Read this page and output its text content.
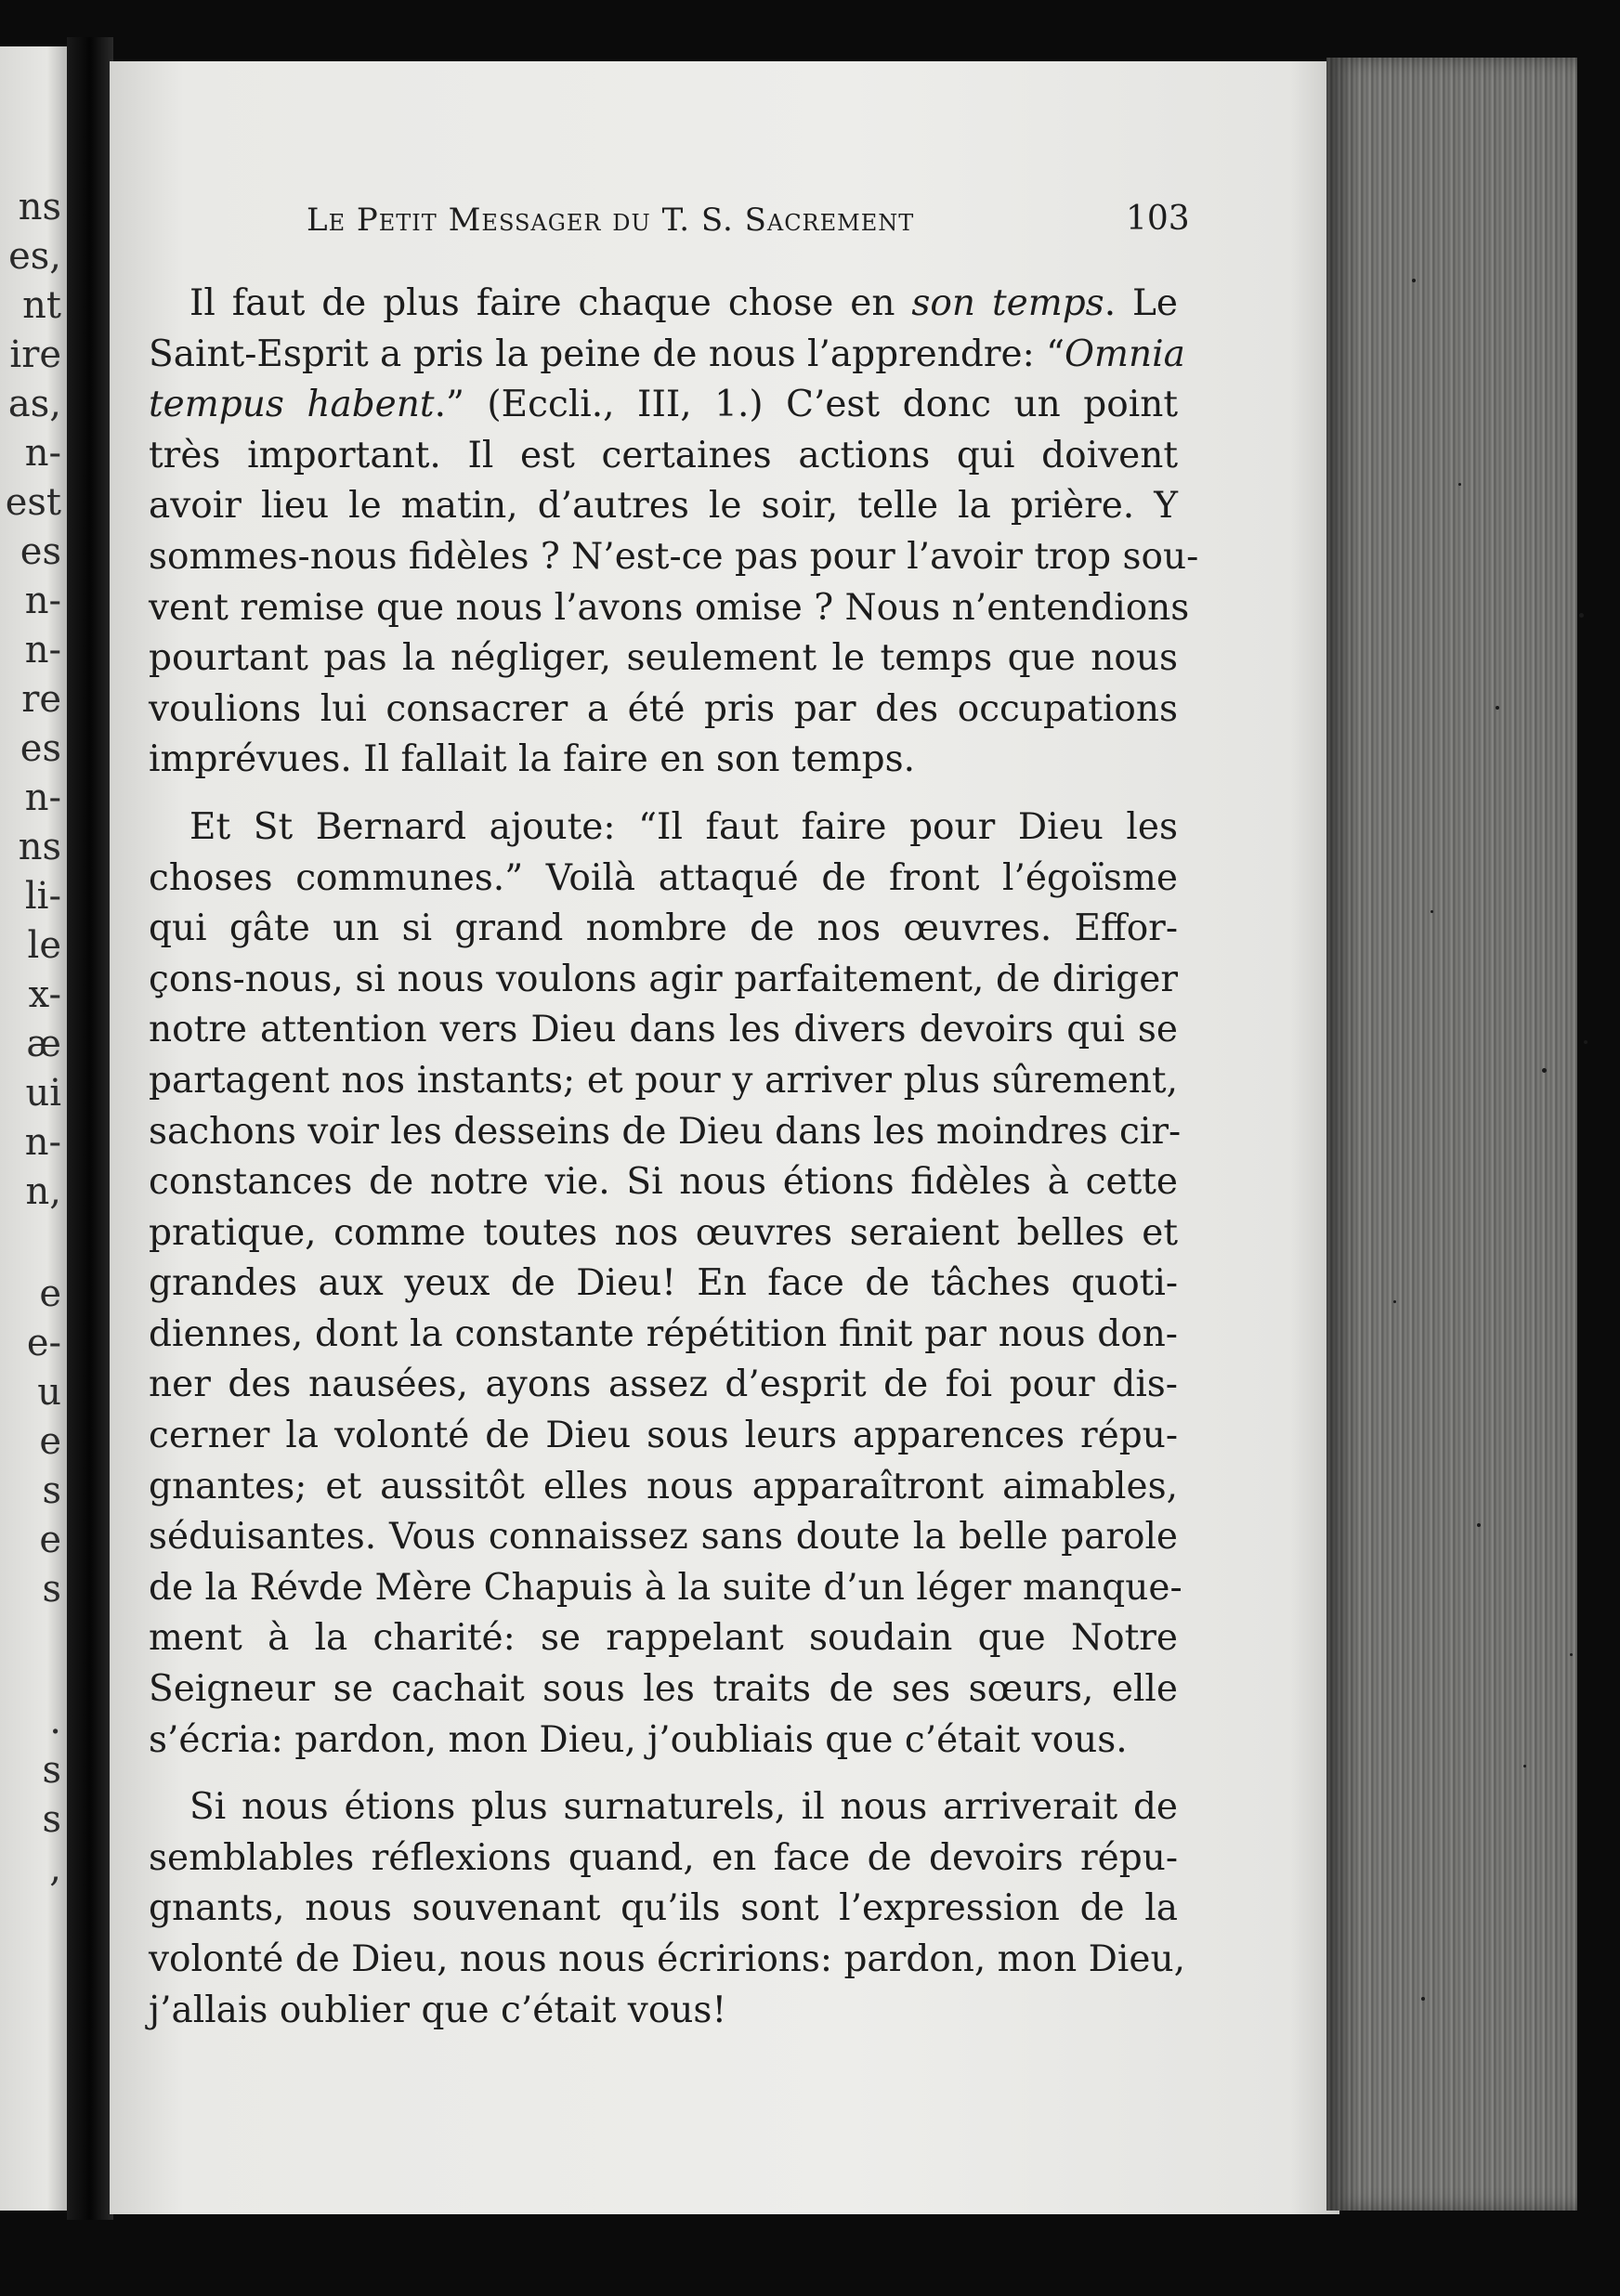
ns
es,
nt
ire
as,
n-
est
es
n-
n-
re
es
n-
ns
li-
le
x-
æ
ui
n-
n,
e
e-
u
e
s
e
s
.
s
s
,
Le Petit Messager du T. S. Sacrement	103
Il faut de plus faire chaque chose en son temps. Le
Saint-Esprit a pris la peine de nous l’apprendre: “Omnia
tempus habent.” (Eccli., III, 1.) C’est donc un point
très important. Il est certaines actions qui doivent
avoir lieu le matin, d’autres le soir, telle la prière. Y
sommes-nous fidèles ? N’est-ce pas pour l’avoir trop sou-
vent remise que nous l’avons omise ? Nous n’entendions
pourtant pas la négliger, seulement le temps que nous
voulions lui consacrer a été pris par des occupations
imprévues. Il fallait la faire en son temps.
Et St Bernard ajoute: “Il faut faire pour Dieu les
choses communes.” Voilà attaqué de front l’égoïsme
qui gâte un si grand nombre de nos œuvres. Effor-
çons-nous, si nous voulons agir parfaitement, de diriger
notre attention vers Dieu dans les divers devoirs qui se
partagent nos instants; et pour y arriver plus sûrement,
sachons voir les desseins de Dieu dans les moindres cir-
constances de notre vie. Si nous étions fidèles à cette
pratique, comme toutes nos œuvres seraient belles et
grandes aux yeux de Dieu! En face de tâches quoti-
diennes, dont la constante répétition finit par nous don-
ner des nausées, ayons assez d’esprit de foi pour dis-
cerner la volonté de Dieu sous leurs apparences répu-
gnantes; et aussitôt elles nous apparaîtront aimables,
séduisantes. Vous connaissez sans doute la belle parole
de la Révde Mère Chapuis à la suite d’un léger manque-
ment à la charité: se rappelant soudain que Notre
Seigneur se cachait sous les traits de ses sœurs, elle
s’écria: pardon, mon Dieu, j’oubliais que c’était vous.
Si nous étions plus surnaturels, il nous arriverait de
semblables réflexions quand, en face de devoirs répu-
gnants, nous souvenant qu’ils sont l’expression de la
volonté de Dieu, nous nous écririons: pardon, mon Dieu,
j’allais oublier que c’était vous!
